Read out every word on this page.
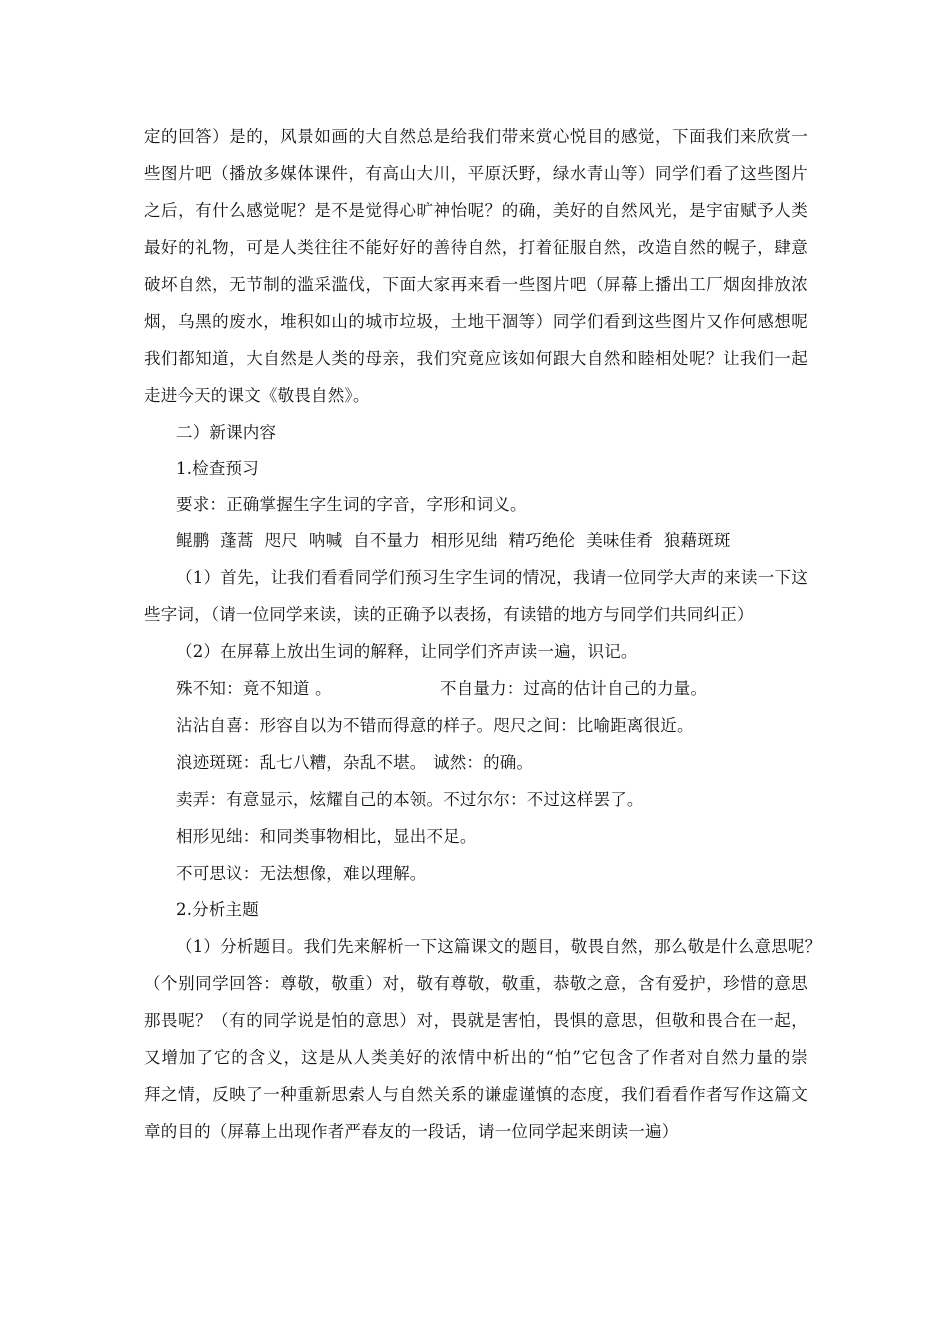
定的回答）是的，风景如画的大自然总是给我们带来赏心悦目的感觉，下面我们来欣赏一
些图片吧（播放多媒体课件，有高山大川，平原沃野，绿水青山等）同学们看了这些图片
之后，有什么感觉呢？是不是觉得心旷神怡呢？的确，美好的自然风光，是宇宙赋予人类
最好的礼物，可是人类往往不能好好的善待自然，打着征服自然，改造自然的幌子，肆意
破坏自然，无节制的滥采滥伐，下面大家再来看一些图片吧（屏幕上播出工厂烟囱排放浓
烟，乌黑的废水，堆积如山的城市垃圾，土地干涸等）同学们看到这些图片又作何感想呢
我们都知道，大自然是人类的母亲，我们究竟应该如何跟大自然和睦相处呢？让我们一起
走进今天的课文《敬畏自然》。
二）新课内容
1.检查预习
要求：正确掌握生字生词的字音，字形和词义。
鲲鹏  蓬蒿  咫尺  呐喊  自不量力  相形见绌  精巧绝伦  美味佳肴  狼藉斑斑
（1）首先，让我们看看同学们预习生字生词的情况，我请一位同学大声的来读一下这
些字词，（请一位同学来读，读的正确予以表扬，有读错的地方与同学们共同纠正）
（2）在屏幕上放出生词的解释，让同学们齐声读一遍，识记。
殊不知：竟不知道 。	不自量力：过高的估计自己的力量。
沾沾自喜：形容自以为不错而得意的样子。咫尺之间：比喻距离很近。
浪迹斑斑：乱七八糟，杂乱不堪。 诚然：的确。
卖弄：有意显示，炫耀自己的本领。不过尔尔：不过这样罢了。
相形见绌：和同类事物相比，显出不足。
不可思议：无法想像，难以理解。
2.分析主题
（1）分析题目。我们先来解析一下这篇课文的题目，敬畏自然，那么敬是什么意思呢？
（个别同学回答：尊敬，敬重）对，敬有尊敬，敬重，恭敬之意，含有爱护，珍惜的意思
那畏呢？（有的同学说是怕的意思）对，畏就是害怕，畏惧的意思，但敬和畏合在一起，
又增加了它的含义，这是从人类美好的浓情中析出的“怕”它包含了作者对自然力量的崇
拜之情，反映了一种重新思索人与自然关系的谦虚谨慎的态度，我们看看作者写作这篇文
章的目的（屏幕上出现作者严春友的一段话，请一位同学起来朗读一遍）
